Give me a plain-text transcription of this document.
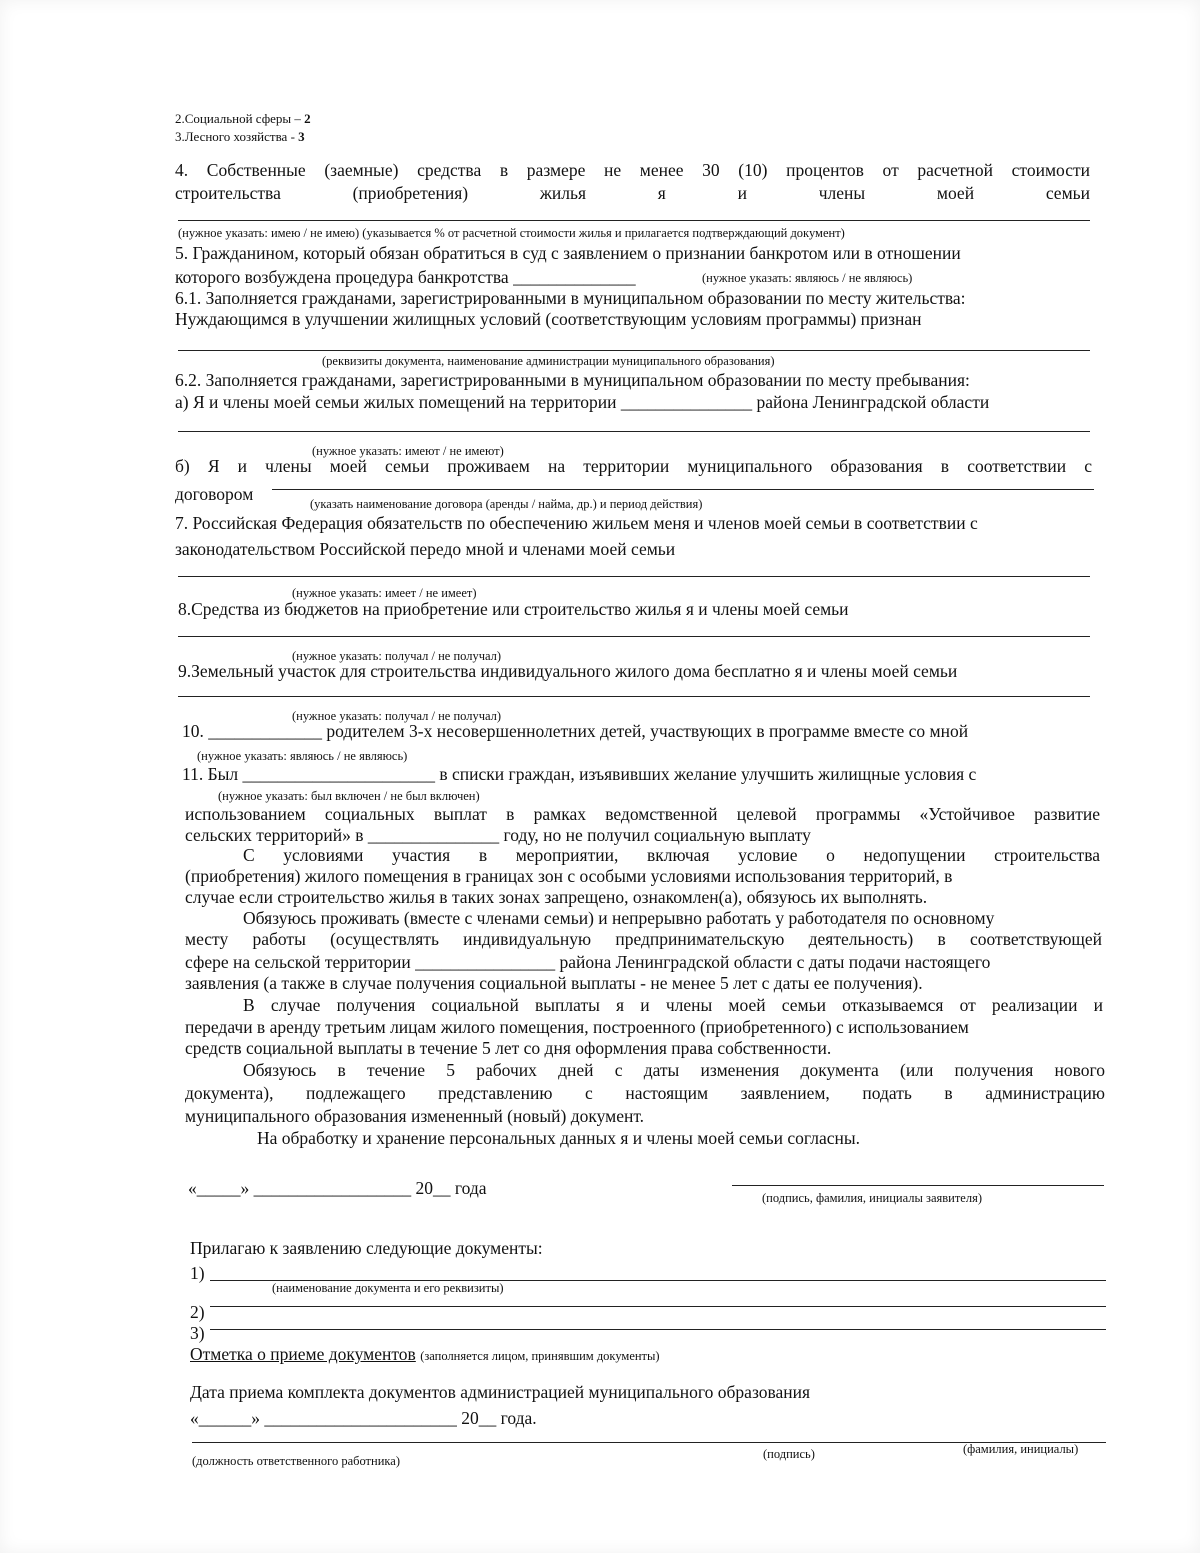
2.Социальной сферы – 2
3.Лесного хозяйства - 3
4. Собственные (заемные) средства в размере не менее 30 (10) процентов от расчетной стоимости
строительства (приобретения) жилья я и члены моей семьи
(нужное указать: имею / не имею) (указывается % от расчетной стоимости жилья и прилагается подтверждающий документ)
5. Гражданином, который обязан обратиться в суд с заявлением о признании банкротом или в отношении
которого возбуждена процедура банкротства ______________	(нужное указать: являюсь / не являюсь)
6.1. Заполняется гражданами, зарегистрированными в муниципальном образовании по месту жительства:
Нуждающимся в улучшении жилищных условий (соответствующим условиям программы) признан
(реквизиты документа, наименование администрации муниципального образования)
6.2. Заполняется гражданами, зарегистрированными в муниципальном образовании по месту пребывания:
а) Я и члены моей семьи жилых помещений на территории _______________ района Ленинградской области
(нужное указать: имеют / не имеют)
б) Я и члены моей семьи проживаем на территории муниципального образования в соответствии с
договором	(указать наименование договора (аренды / найма, др.) и период действия)
7. Российская Федерация обязательств по обеспечению жильем меня и членов моей семьи в соответствии с
законодательством Российской передо мной и членами моей семьи
(нужное указать: имеет / не имеет)
8.Средства из бюджетов на приобретение или строительство жилья я и члены моей семьи
(нужное указать: получал / не получал)
9.Земельный участок для строительства индивидуального жилого дома бесплатно я и члены моей семьи
(нужное указать: получал / не получал)
10. _____________ родителем 3-х несовершеннолетних детей, участвующих в программе вместе со мной
(нужное указать: являюсь / не являюсь)
11. Был ______________________ в списки граждан, изъявивших желание улучшить жилищные условия с
(нужное указать: был включен / не был включен)
использованием социальных выплат в рамках ведомственной целевой программы «Устойчивое развитие
сельских территорий» в _______________ году, но не получил социальную выплату
С условиями участия в мероприятии, включая условие о недопущении строительства
(приобретения) жилого помещения в границах зон с особыми условиями использования территорий, в
случае если строительство жилья в таких зонах запрещено, ознакомлен(а), обязуюсь их выполнять.
Обязуюсь проживать (вместе с членами семьи) и непрерывно работать у работодателя по основному
месту работы (осуществлять индивидуальную предпринимательскую деятельность) в соответствующей
сфере на сельской территории ________________ района Ленинградской области с даты подачи настоящего
заявления (а также в случае получения социальной выплаты - не менее 5 лет с даты ее получения).
В случае получения социальной выплаты я и члены моей семьи отказываемся от реализации и
передачи в аренду третьим лицам жилого помещения, построенного (приобретенного) с использованием
средств социальной выплаты в течение 5 лет со дня оформления права собственности.
Обязуюсь в течение 5 рабочих дней с даты изменения документа (или получения нового
документа), подлежащего представлению с настоящим заявлением, подать в администрацию
муниципального образования измененный (новый) документ.
На обработку и хранение персональных данных я и члены моей семьи согласны.
«_____» __________________ 20__ года	(подпись, фамилия, инициалы заявителя)
Прилагаю к заявлению следующие документы:
1)
(наименование документа и его реквизиты)
2)
3)
Отметка о приеме документов (заполняется лицом, принявшим документы)
Дата приема комплекта документов администрацией муниципального образования
«______» ______________________ 20__ года.
(должность ответственного работника)	(подпись)	(фамилия, инициалы)
